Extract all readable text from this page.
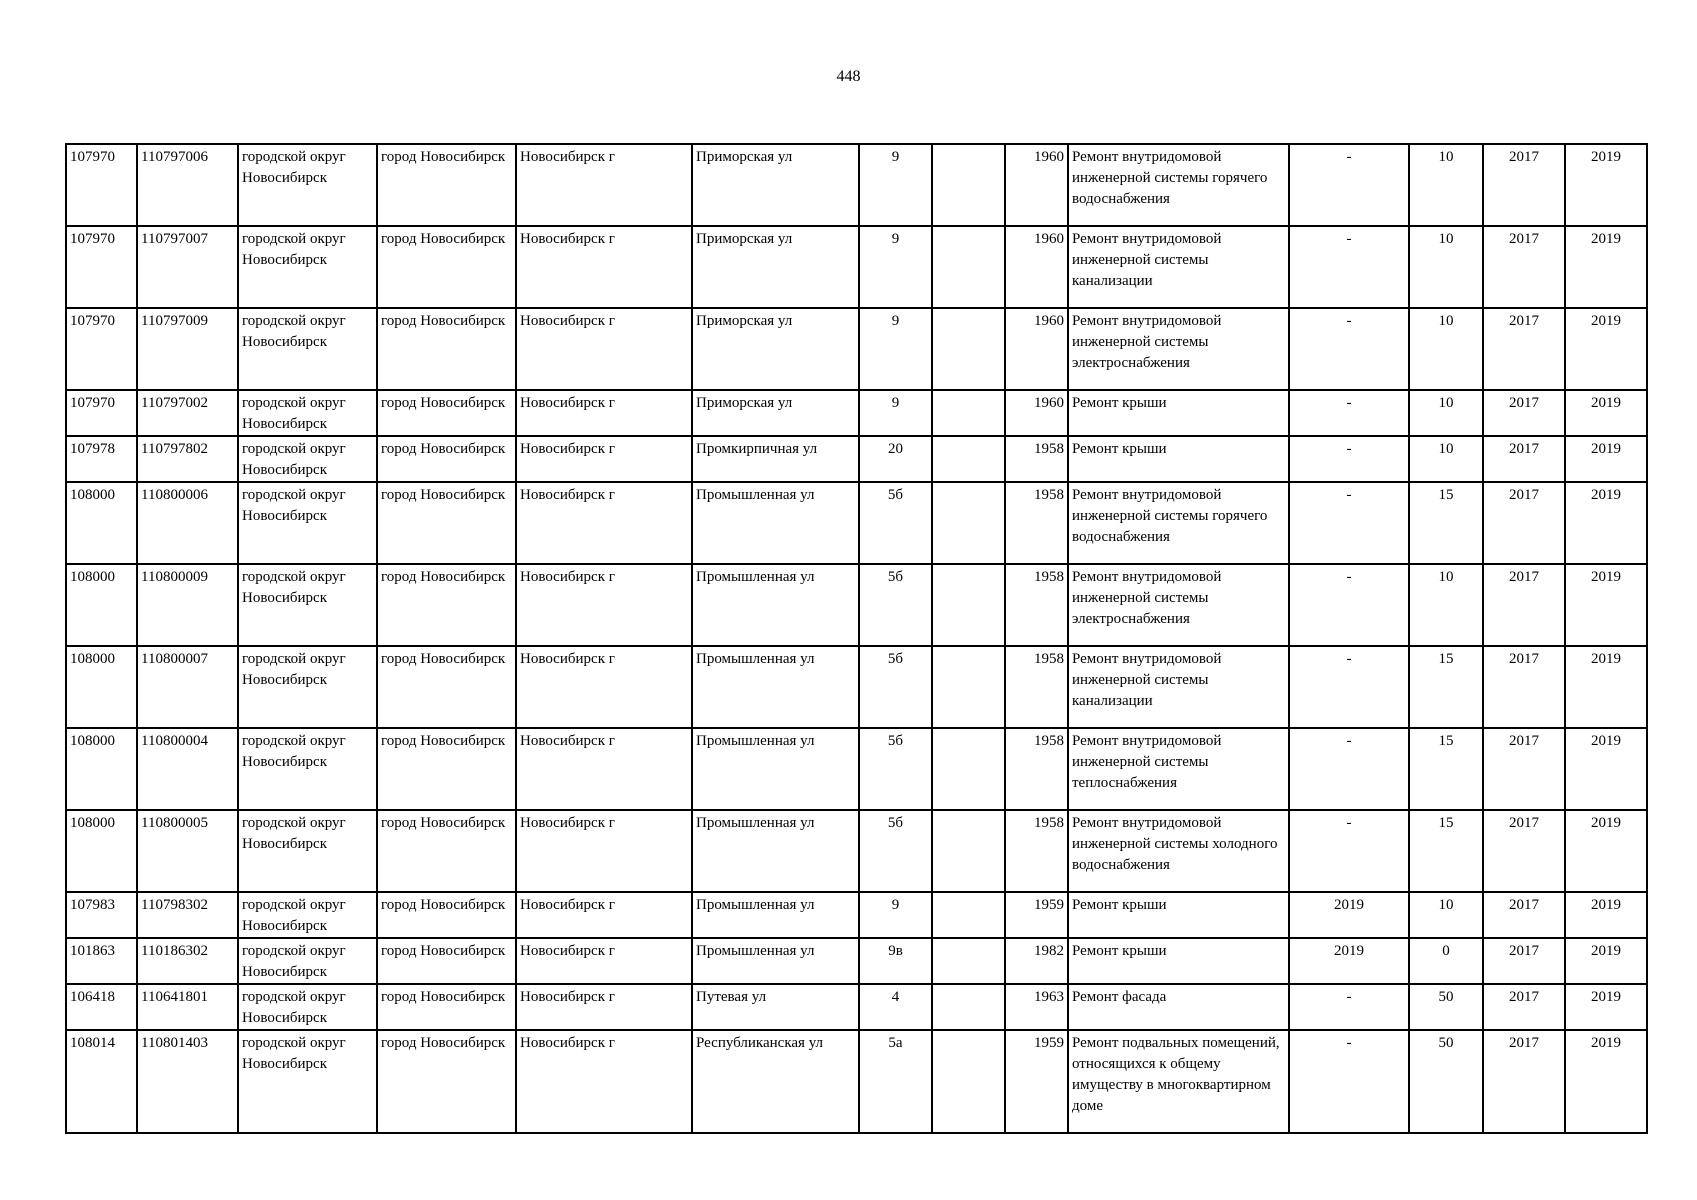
448
107970	110797006	городской округ Новосибирск	город Новосибирск	Новосибирск г	Приморская ул	9		1960	Ремонт внутридомовой инженерной системы горячего водоснабжения	-	10	2017	2019
107970	110797007	городской округ Новосибирск	город Новосибирск	Новосибирск г	Приморская ул	9		1960	Ремонт внутридомовой инженерной системы канализации	-	10	2017	2019
107970	110797009	городской округ Новосибирск	город Новосибирск	Новосибирск г	Приморская ул	9		1960	Ремонт внутридомовой инженерной системы электроснабжения	-	10	2017	2019
107970	110797002	городской округ Новосибирск	город Новосибирск	Новосибирск г	Приморская ул	9		1960	Ремонт крыши	-	10	2017	2019
107978	110797802	городской округ Новосибирск	город Новосибирск	Новосибирск г	Промкирпичная ул	20		1958	Ремонт крыши	-	10	2017	2019
108000	110800006	городской округ Новосибирск	город Новосибирск	Новосибирск г	Промышленная ул	5б		1958	Ремонт внутридомовой инженерной системы горячего водоснабжения	-	15	2017	2019
108000	110800009	городской округ Новосибирск	город Новосибирск	Новосибирск г	Промышленная ул	5б		1958	Ремонт внутридомовой инженерной системы электроснабжения	-	10	2017	2019
108000	110800007	городской округ Новосибирск	город Новосибирск	Новосибирск г	Промышленная ул	5б		1958	Ремонт внутридомовой инженерной системы канализации	-	15	2017	2019
108000	110800004	городской округ Новосибирск	город Новосибирск	Новосибирск г	Промышленная ул	5б		1958	Ремонт внутридомовой инженерной системы теплоснабжения	-	15	2017	2019
108000	110800005	городской округ Новосибирск	город Новосибирск	Новосибирск г	Промышленная ул	5б		1958	Ремонт внутридомовой инженерной системы холодного водоснабжения	-	15	2017	2019
107983	110798302	городской округ Новосибирск	город Новосибирск	Новосибирск г	Промышленная ул	9		1959	Ремонт крыши	2019	10	2017	2019
101863	110186302	городской округ Новосибирск	город Новосибирск	Новосибирск г	Промышленная ул	9в		1982	Ремонт крыши	2019	0	2017	2019
106418	110641801	городской округ Новосибирск	город Новосибирск	Новосибирск г	Путевая ул	4		1963	Ремонт фасада	-	50	2017	2019
108014	110801403	городской округ Новосибирск	город Новосибирск	Новосибирск г	Республиканская ул	5а		1959	Ремонт подвальных помещений, относящихся к общему имуществу в многоквартирном доме	-	50	2017	2019
